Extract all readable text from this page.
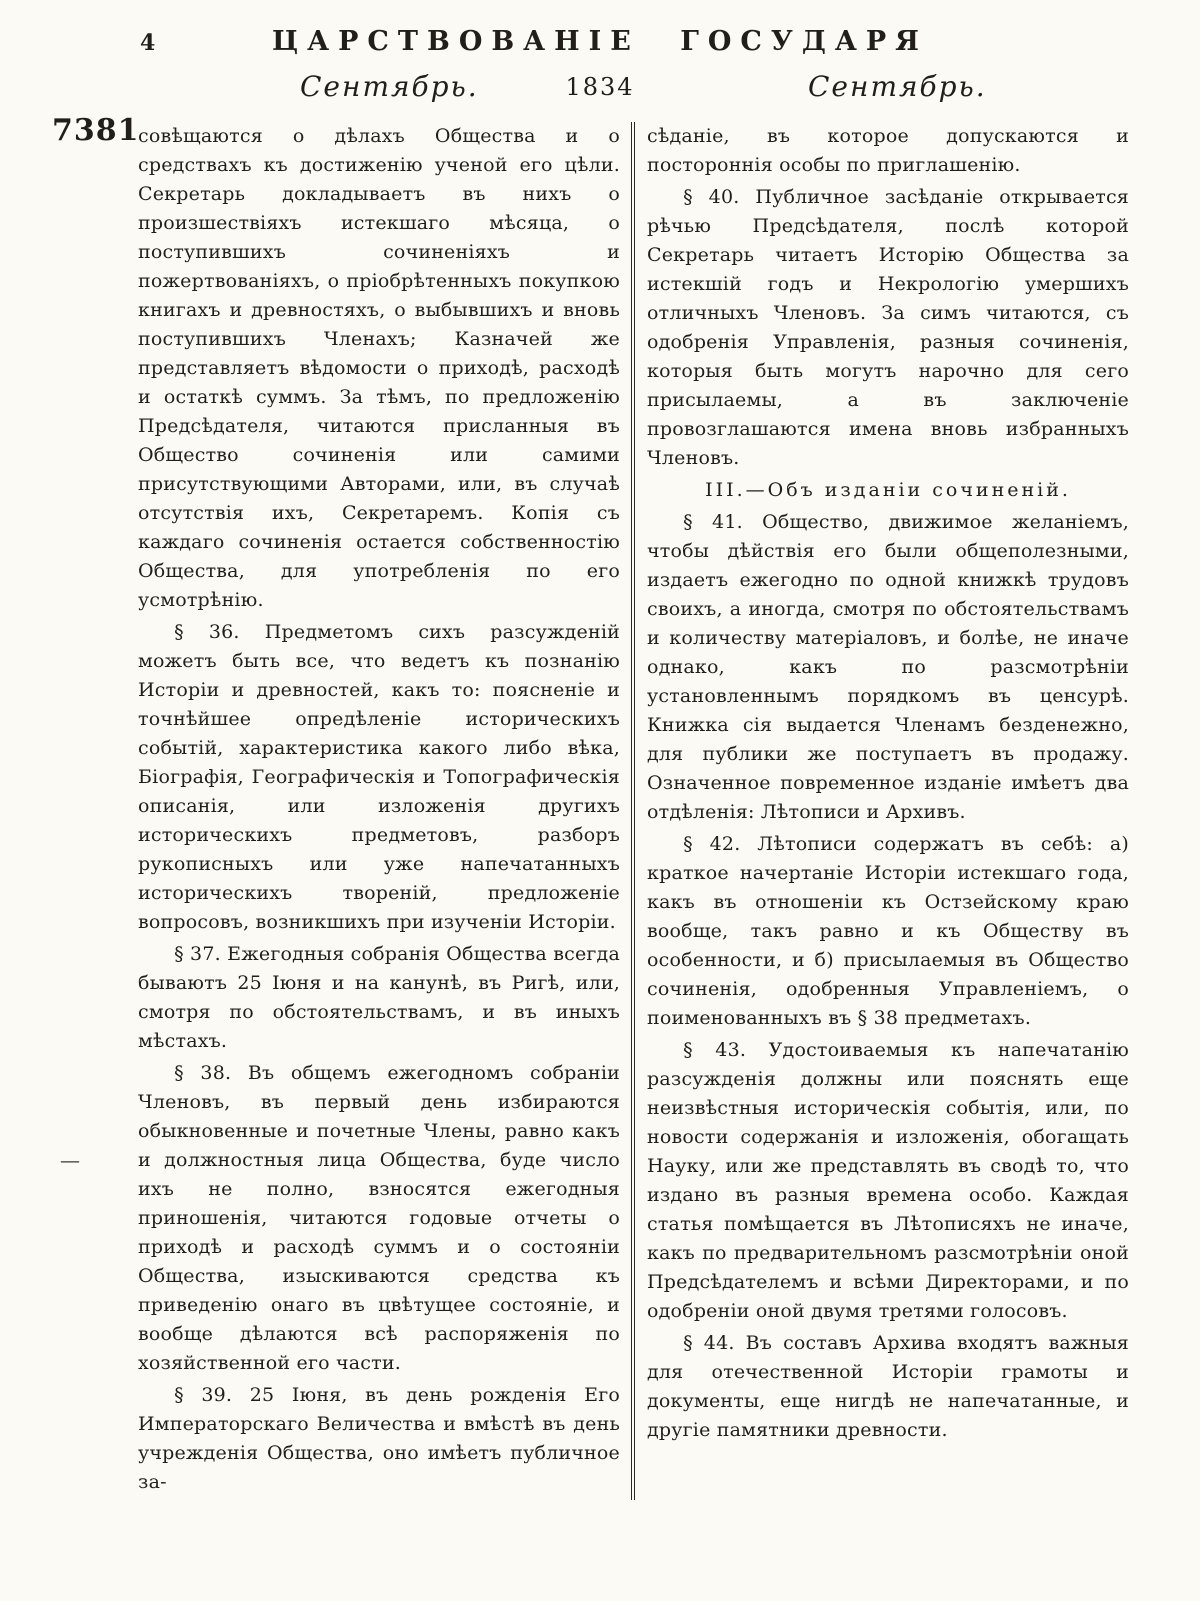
4	ЦАРСТВОВАНІЕ ГОСУДАРЯ
Сентябрь.	1834	Сентябрь.
7381
—

совѣщаются о дѣлахъ Общества и о средствахъ къ достиженію ученой его цѣли. Секретарь докладываетъ въ нихъ о произшествіяхъ истекшаго мѣсяца, о поступившихъ сочиненіяхъ и пожертвованіяхъ, о пріобрѣтенныхъ покупкою книгахъ и древностяхъ, о выбывшихъ и вновь поступившихъ Членахъ; Казначей же представляетъ вѣдомости о приходѣ, расходѣ и остаткѣ суммъ. За тѣмъ, по предложенію Предсѣдателя, читаются присланныя въ Общество сочиненія или самими присутствующими Авторами, или, въ случаѣ отсутствія ихъ, Секретаремъ. Копія съ каждаго сочиненія остается собственностію Общества, для употребленія по его усмотрѣнію.

§ 36. Предметомъ сихъ разсужденій можетъ быть все, что ведетъ къ познанію Исторіи и древностей, какъ то: поясненіе и точнѣйшее опредѣленіе историческихъ событій, характеристика какого либо вѣка, Біографія, Географическія и Топографическія описанія, или изложенія другихъ историческихъ предметовъ, разборъ рукописныхъ или уже напечатанныхъ историческихъ твореній, предложеніе вопросовъ, возникшихъ при изученіи Исторіи.

§ 37. Ежегодныя собранія Общества всегда бываютъ 25 Іюня и на канунѣ, въ Ригѣ, или, смотря по обстоятельствамъ, и въ иныхъ мѣстахъ.

§ 38. Въ общемъ ежегодномъ собраніи Членовъ, въ первый день избираются обыкновенные и почетные Члены, равно какъ и должностныя лица Общества, буде число ихъ не полно, взносятся ежегодныя приношенія, читаются годовые отчеты о приходѣ и расходѣ суммъ и о состояніи Общества, изыскиваются средства къ приведенію онаго въ цвѣтущее состояніе, и вообще дѣлаются всѣ распоряженія по хозяйственной его части.

§ 39. 25 Іюня, въ день рожденія Его Императорскаго Величества и вмѣстѣ въ день учрежденія Общества, оно имѣетъ публичное за-

сѣданіе, въ которое допускаются и постороннія особы по приглашенію.

§ 40. Публичное засѣданіе открывается рѣчью Предсѣдателя, послѣ которой Секретарь читаетъ Исторію Общества за истекшій годъ и Некрологію умершихъ отличныхъ Членовъ. За симъ читаются, съ одобренія Управленія, разныя сочиненія, которыя быть могутъ нарочно для сего присылаемы, а въ заключеніе провозглашаются имена вновь избранныхъ Членовъ.

III.—Объ изданіи сочиненій.

§ 41. Общество, движимое желаніемъ, чтобы дѣйствія его были общеполезными, издаетъ ежегодно по одной книжкѣ трудовъ своихъ, а иногда, смотря по обстоятельствамъ и количеству матеріаловъ, и болѣе, не иначе однако, какъ по разсмотрѣніи установленнымъ порядкомъ въ ценсурѣ. Книжка сія выдается Членамъ безденежно, для публики же поступаетъ въ продажу. Означенное повременное изданіе имѣетъ два отдѣленія: Лѣтописи и Архивъ.

§ 42. Лѣтописи содержатъ въ себѣ: а) краткое начертаніе Исторіи истекшаго года, какъ въ отношеніи къ Остзейскому краю вообще, такъ равно и къ Обществу въ особенности, и б) присылаемыя въ Общество сочиненія, одобренныя Управленіемъ, о поименованныхъ въ § 38 предметахъ.

§ 43. Удостоиваемыя къ напечатанію разсужденія должны или пояснять еще неизвѣстныя историческія событія, или, по новости содержанія и изложенія, обогащать Науку, или же представлять въ сводѣ то, что издано въ разныя времена особо. Каждая статья помѣщается въ Лѣтописяхъ не иначе, какъ по предварительномъ разсмотрѣніи оной Предсѣдателемъ и всѣми Директорами, и по одобреніи оной двумя третями голосовъ.

§ 44. Въ составъ Архива входятъ важныя для отечественной Исторіи грамоты и документы, еще нигдѣ не напечатанные, и другіе памятники древности.
